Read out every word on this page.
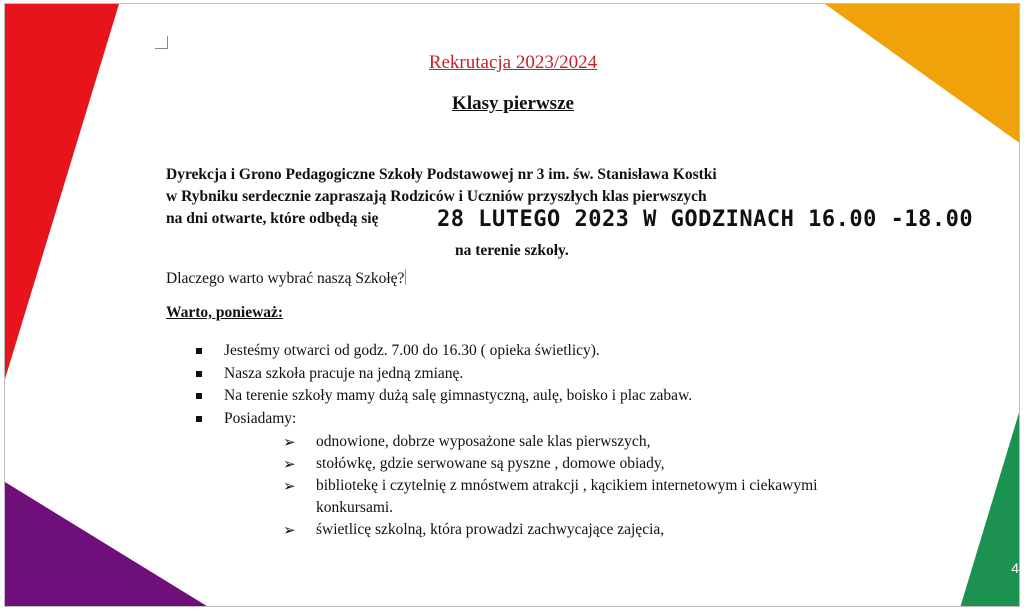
Rekrutacja 2023/2024
Klasy pierwsze
Dyrekcja i Grono Pedagogiczne Szkoły Podstawowej nr 3 im. św. Stanisława Kostki
w Rybniku serdecznie zapraszają Rodziców i Uczniów przyszłych klas pierwszych
na dni otwarte, które odbędą się	28 LUTEGO 2023 W GODZINACH 16.00 -18.00
na terenie szkoły.
Dlaczego warto wybrać naszą Szkołę?
Warto, ponieważ:
Jesteśmy otwarci od godz. 7.00 do 16.30 ( opieka świetlicy).
Nasza szkoła pracuje na jedną zmianę.
Na terenie szkoły mamy dużą salę gimnastyczną, aulę, boisko i plac zabaw.
Posiadamy:
➢ odnowione, dobrze wyposażone sale klas pierwszych,
➢ stołówkę, gdzie serwowane są pyszne , domowe obiady,
➢ bibliotekę i czytelnię z mnóstwem atrakcji , kącikiem internetowym i ciekawymi konkursami.
➢ świetlicę szkolną, która prowadzi zachwycające zajęcia,
4
